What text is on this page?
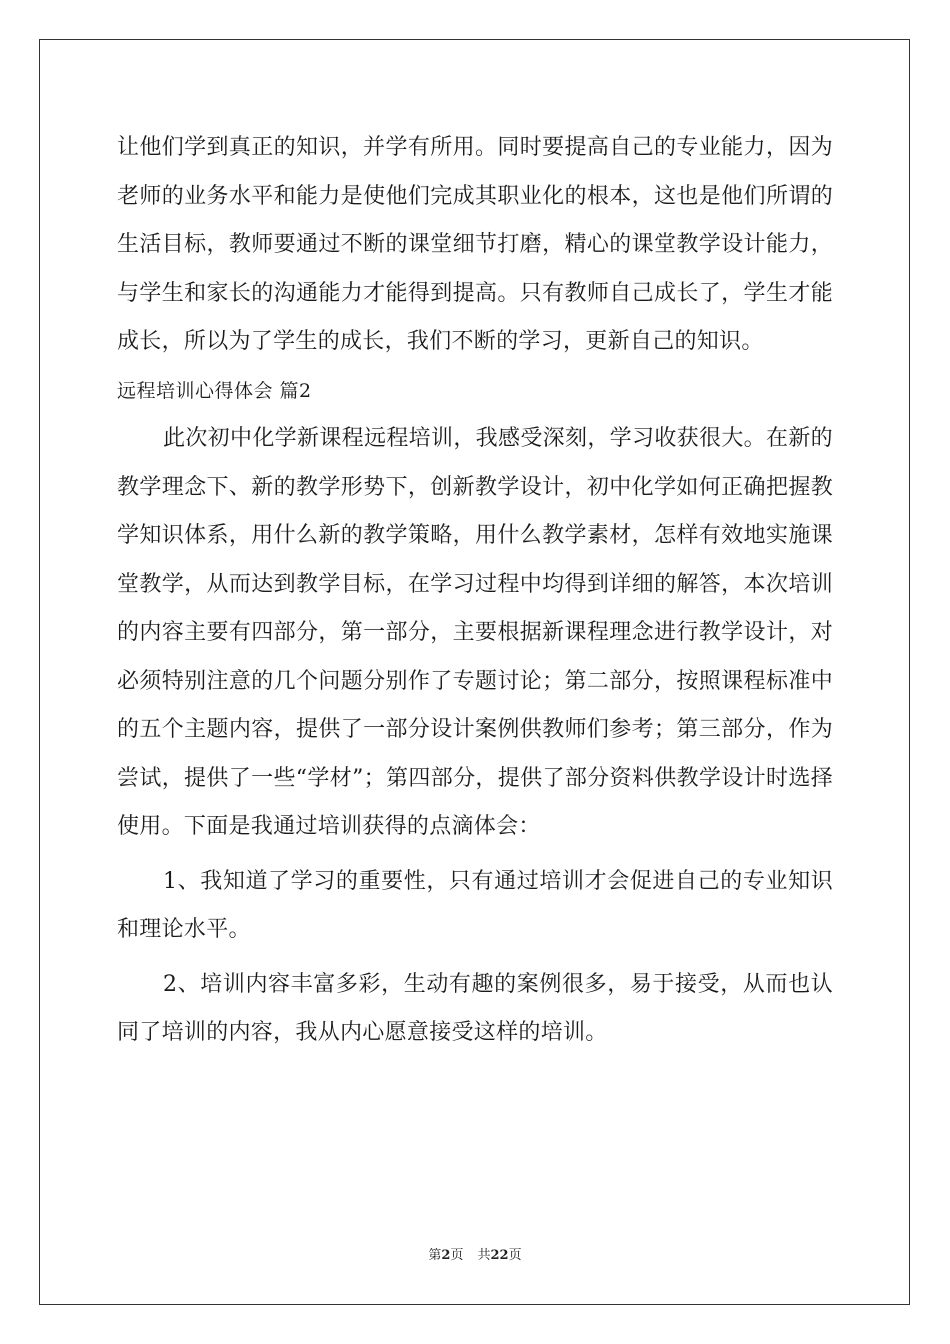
让他们学到真正的知识，并学有所用。同时要提高自己的专业能力，因为老师的业务水平和能力是使他们完成其职业化的根本，这也是他们所谓的生活目标，教师要通过不断的课堂细节打磨，精心的课堂教学设计能力，与学生和家长的沟通能力才能得到提高。只有教师自己成长了，学生才能成长，所以为了学生的成长，我们不断的学习，更新自己的知识。

远程培训心得体会 篇2

此次初中化学新课程远程培训，我感受深刻，学习收获很大。在新的教学理念下、新的教学形势下，创新教学设计，初中化学如何正确把握教学知识体系，用什么新的教学策略，用什么教学素材，怎样有效地实施课堂教学，从而达到教学目标，在学习过程中均得到详细的解答，本次培训的内容主要有四部分，第一部分，主要根据新课程理念进行教学设计，对必须特别注意的几个问题分别作了专题讨论；第二部分，按照课程标准中的五个主题内容，提供了一部分设计案例供教师们参考；第三部分，作为尝试，提供了一些“学材”；第四部分，提供了部分资料供教学设计时选择使用。下面是我通过培训获得的点滴体会：

1、我知道了学习的重要性，只有通过培训才会促进自己的专业知识和理论水平。

2、培训内容丰富多彩，生动有趣的案例很多，易于接受，从而也认同了培训的内容，我从内心愿意接受这样的培训。

第2页 共22页
